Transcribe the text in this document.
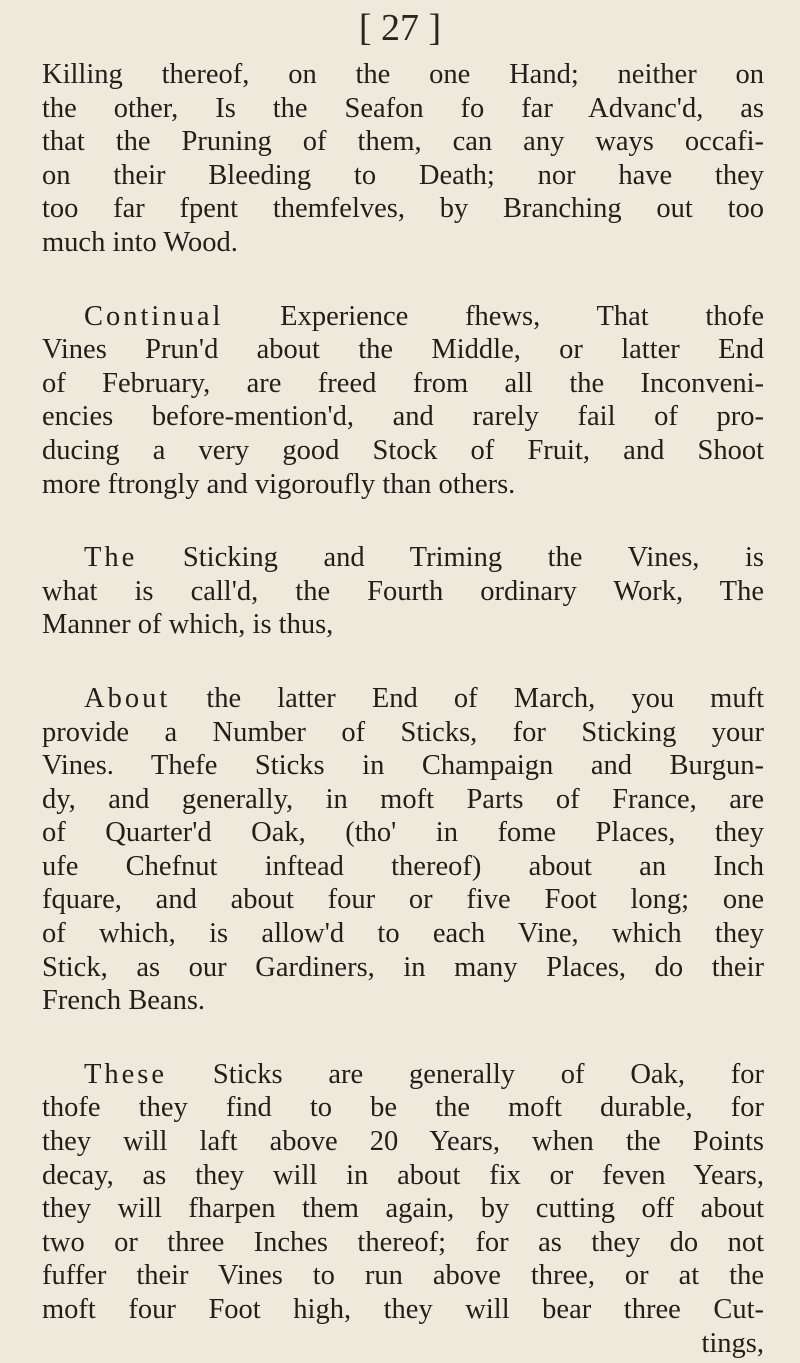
[ 27 ]

Killing thereof, on the one Hand; neither on
the other, Is the Seafon fo far Advanc'd, as
that the Pruning of them, can any ways occafi-
on their Bleeding to Death; nor have they
too far fpent themfelves, by Branching out too
much into Wood.

Continual Experience fhews, That thofe
Vines Prun'd about the Middle, or latter End
of February, are freed from all the Inconveni-
encies before-mention'd, and rarely fail of pro-
ducing a very good Stock of Fruit, and Shoot
more ftrongly and vigoroufly than others.

The Sticking and Triming the Vines, is
what is call'd, the Fourth ordinary Work, The
Manner of which, is thus,

About the latter End of March, you muft
provide a Number of Sticks, for Sticking your
Vines. Thefe Sticks in Champaign and Burgun-
dy, and generally, in moft Parts of France, are
of Quarter'd Oak, (tho' in fome Places, they
ufe Chefnut inftead thereof) about an Inch
fquare, and about four or five Foot long; one
of which, is allow'd to each Vine, which they
Stick, as our Gardiners, in many Places, do their
French Beans.

These Sticks are generally of Oak, for
thofe they find to be the moft durable, for
they will laft above 20 Years, when the Points
decay, as they will in about fix or feven Years,
they will fharpen them again, by cutting off about
two or three Inches thereof; for as they do not
fuffer their Vines to run above three, or at the
moft four Foot high, they will bear three Cut-
tings,
